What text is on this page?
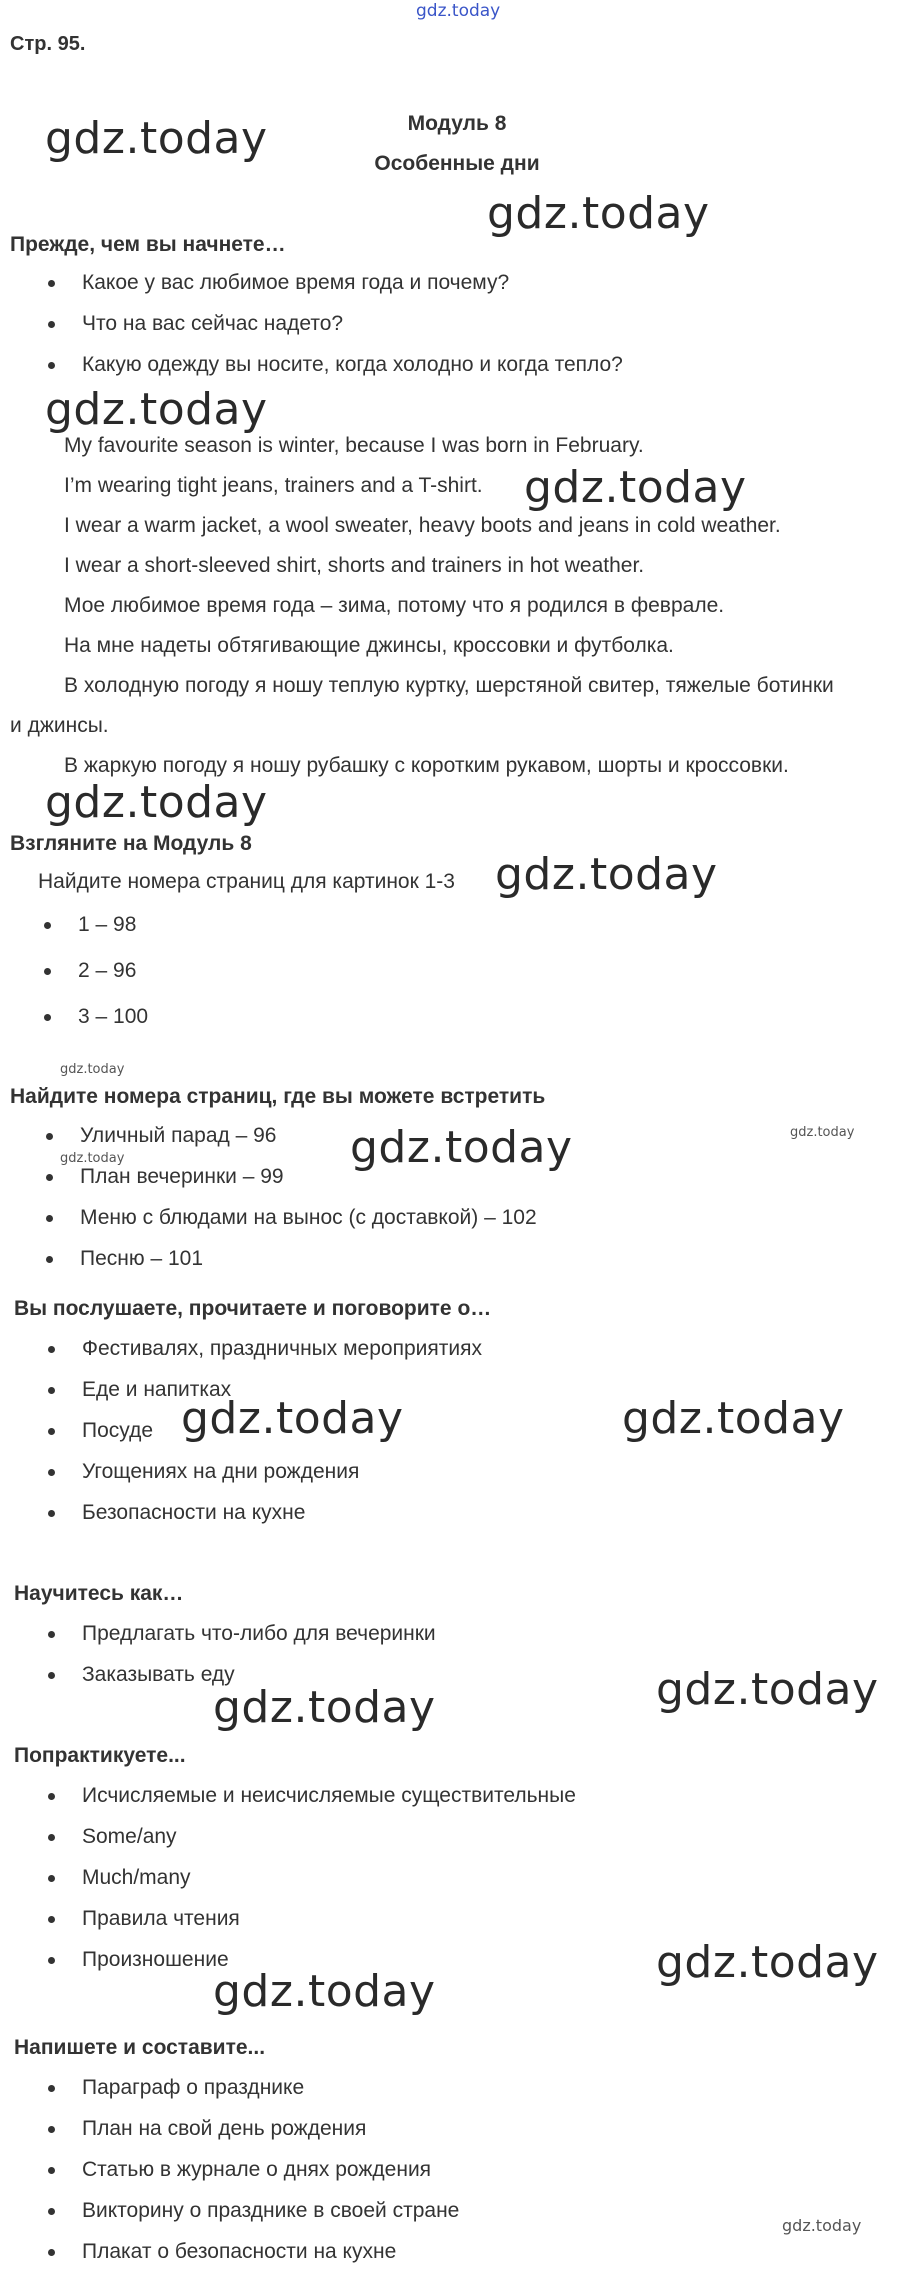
gdz.today
Стр. 95.
Модуль 8
Особенные дни
Прежде, чем вы начнете…
Какое у вас любимое время года и почему?
Что на вас сейчас надето?
Какую одежду вы носите, когда холодно и когда тепло?
My favourite season is winter, because I was born in February.
I’m wearing tight jeans, trainers and a T-shirt.
I wear a warm jacket, a wool sweater, heavy boots and jeans in cold weather.
I wear a short-sleeved shirt, shorts and trainers in hot weather.
Мое любимое время года – зима, потому что я родился в феврале.
На мне надеты обтягивающие джинсы, кроссовки и футболка.
В холодную погоду я ношу теплую куртку, шерстяной свитер, тяжелые ботинки
и джинсы.
В жаркую погоду я ношу рубашку с коротким рукавом, шорты и кроссовки.
Взгляните на Модуль 8
Найдите номера страниц для картинок 1-3
1 – 98
2 – 96
3 – 100
Найдите номера страниц, где вы можете встретить
Уличный парад – 96
План вечеринки – 99
Меню с блюдами на вынос (с доставкой) – 102
Песню – 101
Вы послушаете, прочитаете и поговорите о…
Фестивалях, праздничных мероприятиях
Еде и напитках
Посуде
Угощениях на дни рождения
Безопасности на кухне
Научитесь как…
Предлагать что-либо для вечеринки
Заказывать еду
Попрактикуете...
Исчисляемые и неисчисляемые существительные
Some/any
Much/many
Правила чтения
Произношение
Напишете и составите...
Параграф о празднике
План на свой день рождения
Статью в журнале о днях рождения
Викторину о празднике в своей стране
Плакат о безопасности на кухне
gdz.today
gdz.today
gdz.today
gdz.today
gdz.today
gdz.today
gdz.today
gdz.today	gdz.today
gdz.today
gdz.today
gdz.today
gdz.today
gdz.today
gdz.today
gdz.today
gdz.today
